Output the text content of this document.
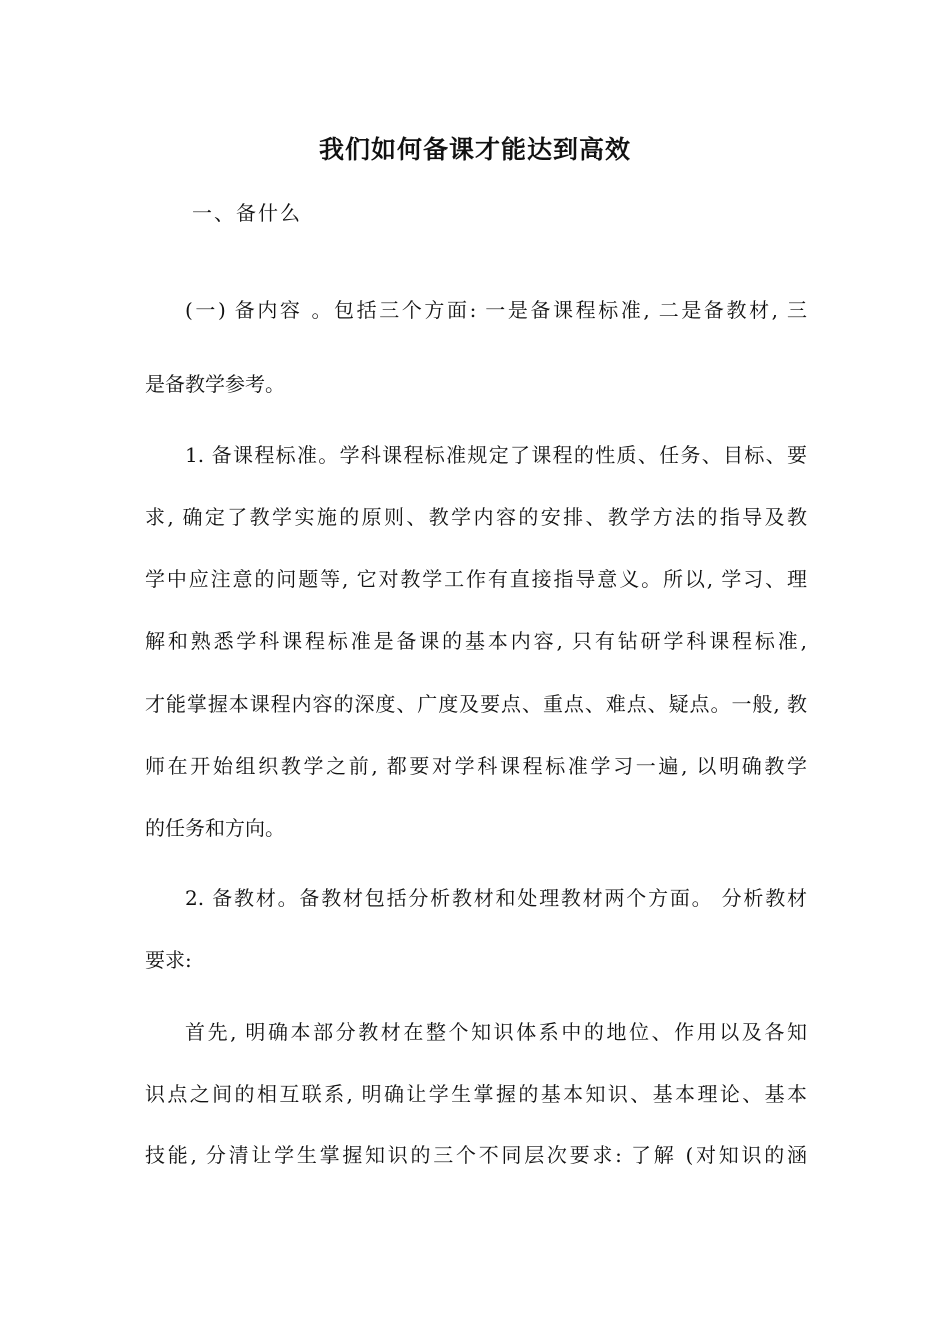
我们如何备课才能达到高效
一、备什么
(一) 备内容 。包括三个方面: 一是备课程标准, 二是备教材, 三
是备教学参考。
1. 备课程标准。学科课程标准规定了课程的性质、任务、目标、要
求, 确定了教学实施的原则、教学内容的安排、教学方法的指导及教
学中应注意的问题等, 它对教学工作有直接指导意义。所以, 学习、理
解和熟悉学科课程标准是备课的基本内容, 只有钻研学科课程标准,
才能掌握本课程内容的深度、广度及要点、重点、难点、疑点。一般, 教
师在开始组织教学之前, 都要对学科课程标准学习一遍, 以明确教学
的任务和方向。
2. 备教材。备教材包括分析教材和处理教材两个方面。 分析教材
要求:
首先, 明确本部分教材在整个知识体系中的地位、作用以及各知
识点之间的相互联系, 明确让学生掌握的基本知识、基本理论、基本
技能, 分清让学生掌握知识的三个不同层次要求: 了解 (对知识的涵
